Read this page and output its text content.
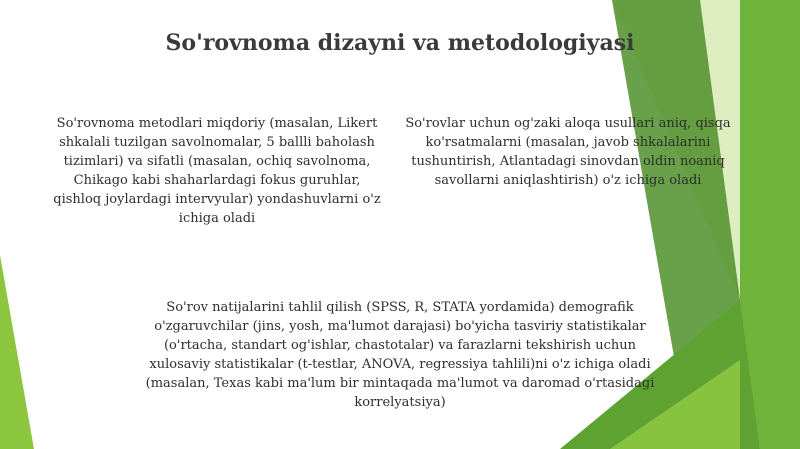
So'rovnoma dizayni va metodologiyasi

So'rovnoma metodlari miqdoriy (masalan, Likert shkalali tuzilgan savolnomalar, 5 ballli baholash tizimlari) va sifatli (masalan, ochiq savolnoma, Chikago kabi shaharlardagi fokus guruhlar, qishloq joylardagi intervyular) yondashuvlarni o'z ichiga oladi

So'rovlar uchun og'zaki aloqa usullari aniq, qisqa ko'rsatmalarni (masalan, javob shkalalarini tushuntirish, Atlantadagi sinovdan oldin noaniq savollarni aniqlashtirish) o'z ichiga oladi

So'rov natijalarini tahlil qilish (SPSS, R, STATA yordamida) demografik o'zgaruvchilar (jins, yosh, ma'lumot darajasi) bo'yicha tasviriy statistikalar (o'rtacha, standart og'ishlar, chastotalar) va farazlarni tekshirish uchun xulosaviy statistikalar (t-testlar, ANOVA, regressiya tahlili)ni o'z ichiga oladi (masalan, Texas kabi ma'lum bir mintaqada ma'lumot va daromad o'rtasidagi korrelyatsiya)
